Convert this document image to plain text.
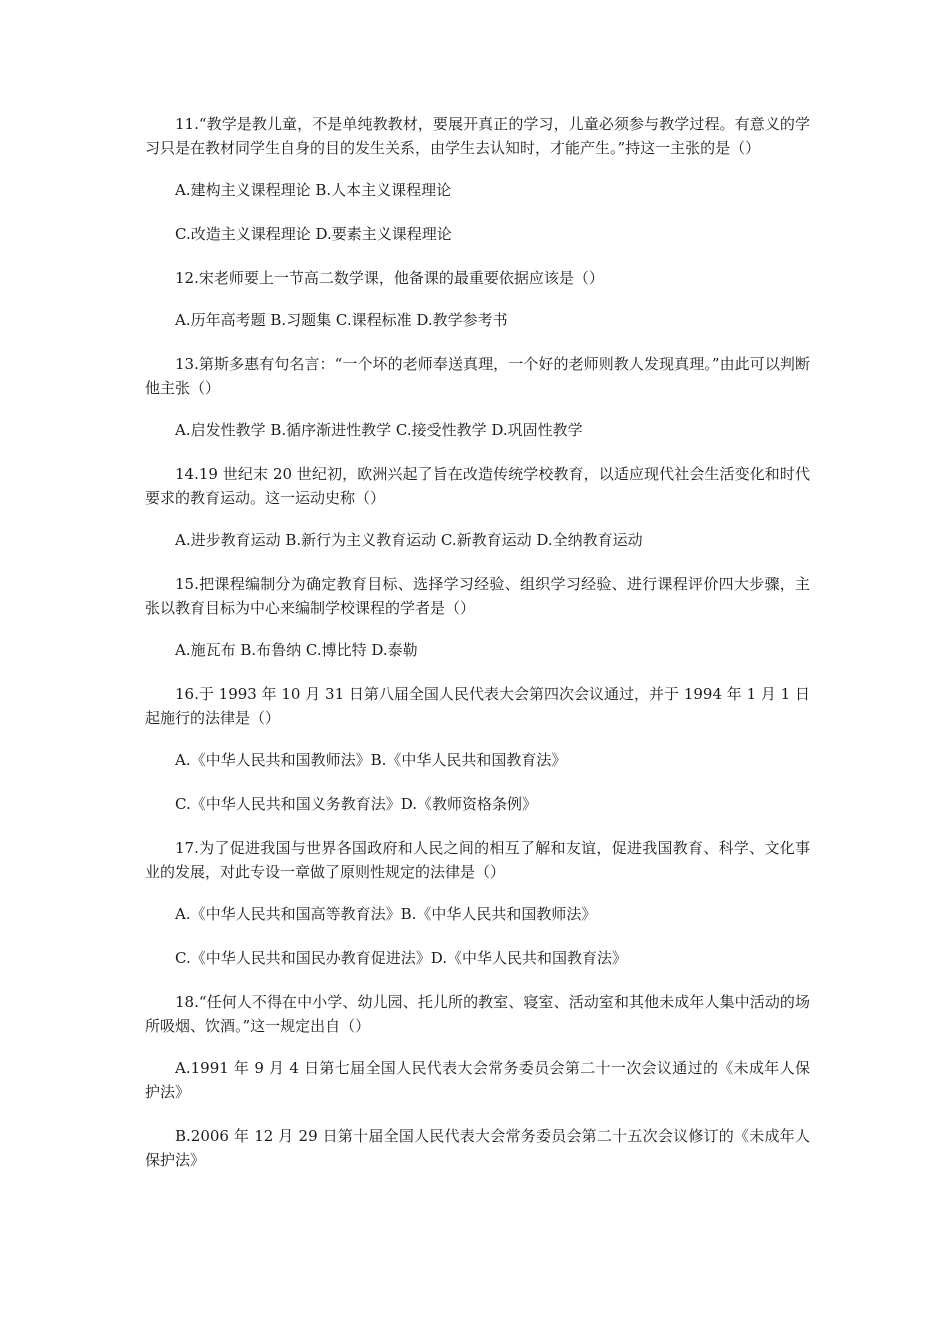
11.“教学是教儿童，不是单纯教教材，要展开真正的学习，儿童必须参与教学过程。有意义的学习只是在教材同学生自身的目的发生关系，由学生去认知时，才能产生。”持这一主张的是（）

A.建构主义课程理论 B.人本主义课程理论

C.改造主义课程理论 D.要素主义课程理论

12.宋老师要上一节高二数学课，他备课的最重要依据应该是（）

A.历年高考题 B.习题集 C.课程标准 D.教学参考书

13.第斯多惠有句名言：“一个坏的老师奉送真理，一个好的老师则教人发现真理。”由此可以判断他主张（）

A.启发性教学 B.循序渐进性教学 C.接受性教学 D.巩固性教学

14.19 世纪末 20 世纪初，欧洲兴起了旨在改造传统学校教育，以适应现代社会生活变化和时代要求的教育运动。这一运动史称（）

A.进步教育运动 B.新行为主义教育运动 C.新教育运动 D.全纳教育运动

15.把课程编制分为确定教育目标、选择学习经验、组织学习经验、进行课程评价四大步骤，主张以教育目标为中心来编制学校课程的学者是（）

A.施瓦布 B.布鲁纳 C.博比特 D.泰勒

16.于 1993 年 10 月 31 日第八届全国人民代表大会第四次会议通过，并于 1994 年 1 月 1 日起施行的法律是（）

A.《中华人民共和国教师法》B.《中华人民共和国教育法》

C.《中华人民共和国义务教育法》D.《教师资格条例》

17.为了促进我国与世界各国政府和人民之间的相互了解和友谊，促进我国教育、科学、文化事业的发展，对此专设一章做了原则性规定的法律是（）

A.《中华人民共和国高等教育法》B.《中华人民共和国教师法》

C.《中华人民共和国民办教育促进法》D.《中华人民共和国教育法》

18.“任何人不得在中小学、幼儿园、托儿所的教室、寝室、活动室和其他未成年人集中活动的场所吸烟、饮酒。”这一规定出自（）

A.1991 年 9 月 4 日第七届全国人民代表大会常务委员会第二十一次会议通过的《未成年人保护法》

B.2006 年 12 月 29 日第十届全国人民代表大会常务委员会第二十五次会议修订的《未成年人保护法》
